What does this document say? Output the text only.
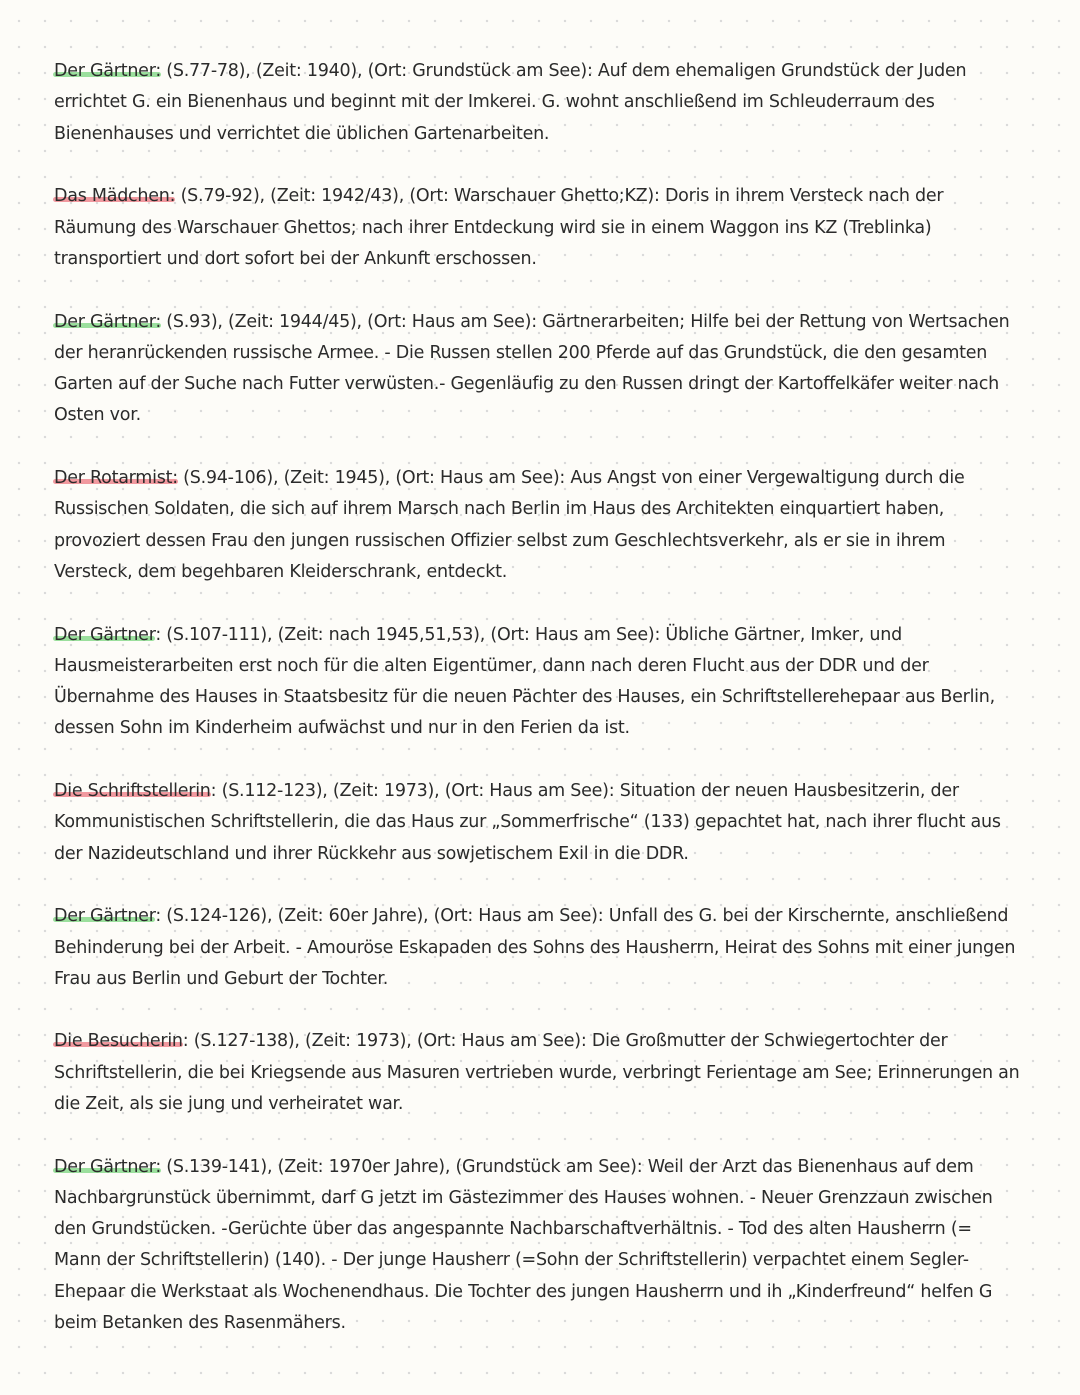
Der Gärtner: (S.77-78), (Zeit: 1940), (Ort: Grundstück am See): Auf dem ehemaligen Grundstück der Juden errichtet G. ein Bienenhaus und beginnt mit der Imkerei. G. wohnt anschließend im Schleuderraum des Bienenhauses und verrichtet die üblichen Gartenarbeiten.

Das Mädchen: (S.79-92), (Zeit: 1942/43), (Ort: Warschauer Ghetto;KZ): Doris in ihrem Versteck nach der Räumung des Warschauer Ghettos; nach ihrer Entdeckung wird sie in einem Waggon ins KZ (Treblinka) transportiert und dort sofort bei der Ankunft erschossen.

Der Gärtner: (S.93), (Zeit: 1944/45), (Ort: Haus am See): Gärtnerarbeiten; Hilfe bei der Rettung von Wertsachen der heranrückenden russische Armee. - Die Russen stellen 200 Pferde auf das Grundstück, die den gesamten Garten auf der Suche nach Futter verwüsten.- Gegenläufig zu den Russen dringt der Kartoffelkäfer weiter nach Osten vor.

Der Rotarmist: (S.94-106), (Zeit: 1945), (Ort: Haus am See): Aus Angst von einer Vergewaltigung durch die Russischen Soldaten, die sich auf ihrem Marsch nach Berlin im Haus des Architekten einquartiert haben, provoziert dessen Frau den jungen russischen Offizier selbst zum Geschlechtsverkehr, als er sie in ihrem Versteck, dem begehbaren Kleiderschrank, entdeckt.

Der Gärtner: (S.107-111), (Zeit: nach 1945,51,53), (Ort: Haus am See): Übliche Gärtner, Imker, und Hausmeisterarbeiten erst noch für die alten Eigentümer, dann nach deren Flucht aus der DDR und der Übernahme des Hauses in Staatsbesitz für die neuen Pächter des Hauses, ein Schriftstellerehepaar aus Berlin, dessen Sohn im Kinderheim aufwächst und nur in den Ferien da ist.

Die Schriftstellerin: (S.112-123), (Zeit: 1973), (Ort: Haus am See): Situation der neuen Hausbesitzerin, der Kommunistischen Schriftstellerin, die das Haus zur „Sommerfrische“ (133) gepachtet hat, nach ihrer flucht aus der Nazideutschland und ihrer Rückkehr aus sowjetischem Exil in die DDR.

Der Gärtner: (S.124-126), (Zeit: 60er Jahre), (Ort: Haus am See): Unfall des G. bei der Kirschernte, anschließend Behinderung bei der Arbeit. - Amouröse Eskapaden des Sohns des Hausherrn, Heirat des Sohns mit einer jungen Frau aus Berlin und Geburt der Tochter.

Die Besucherin: (S.127-138), (Zeit: 1973), (Ort: Haus am See): Die Großmutter der Schwiegertochter der Schriftstellerin, die bei Kriegsende aus Masuren vertrieben wurde, verbringt Ferientage am See; Erinnerungen an die Zeit, als sie jung und verheiratet war.

Der Gärtner: (S.139-141), (Zeit: 1970er Jahre), (Grundstück am See): Weil der Arzt das Bienenhaus auf dem Nachbargrunstück übernimmt, darf G jetzt im Gästezimmer des Hauses wohnen. - Neuer Grenzzaun zwischen den Grundstücken. -Gerüchte über das angespannte Nachbarschaftverhältnis. - Tod des alten Hausherrn (= Mann der Schriftstellerin) (140). - Der junge Hausherr (=Sohn der Schriftstellerin) verpachtet einem Segler-Ehepaar die Werkstaat als Wochenendhaus. Die Tochter des jungen Hausherrn und ih „Kinderfreund“ helfen G beim Betanken des Rasenmähers.
